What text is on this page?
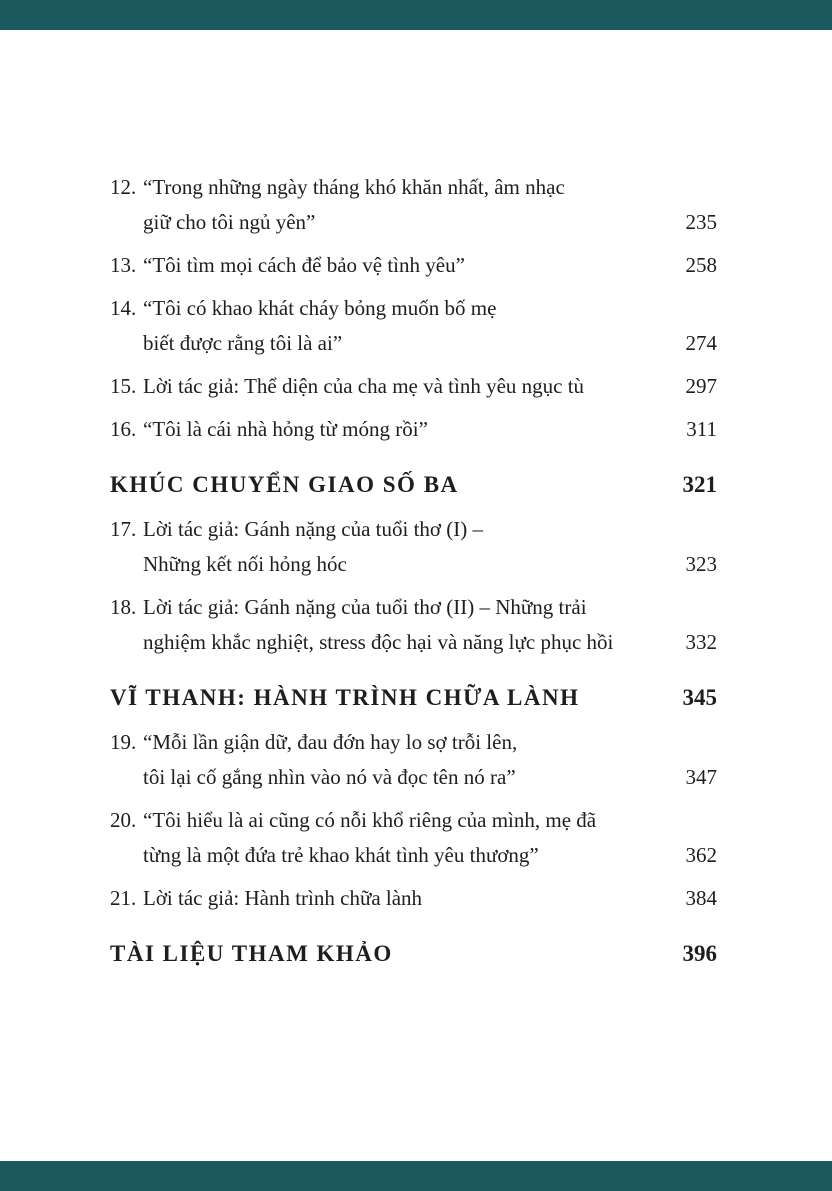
12. “Trong những ngày tháng khó khăn nhất, âm nhạc
giữ cho tôi ngủ yên”	235
13. “Tôi tìm mọi cách để bảo vệ tình yêu”	258
14. “Tôi có khao khát cháy bỏng muốn bố mẹ
biết được rằng tôi là ai”	274
15. Lời tác giả: Thể diện của cha mẹ và tình yêu ngục tù	297
16. “Tôi là cái nhà hỏng từ móng rồi”	311
KHÚC CHUYỂN GIAO SỐ BA	321
17. Lời tác giả: Gánh nặng của tuổi thơ (I) –
Những kết nối hỏng hóc	323
18. Lời tác giả: Gánh nặng của tuổi thơ (II) – Những trải
nghiệm khắc nghiệt, stress độc hại và năng lực phục hồi	332
VĨ THANH: HÀNH TRÌNH CHỮA LÀNH	345
19. “Mỗi lần giận dữ, đau đớn hay lo sợ trỗi lên,
tôi lại cố gắng nhìn vào nó và đọc tên nó ra”	347
20. “Tôi hiểu là ai cũng có nỗi khổ riêng của mình, mẹ đã
từng là một đứa trẻ khao khát tình yêu thương”	362
21. Lời tác giả: Hành trình chữa lành	384
TÀI LIỆU THAM KHẢO	396
